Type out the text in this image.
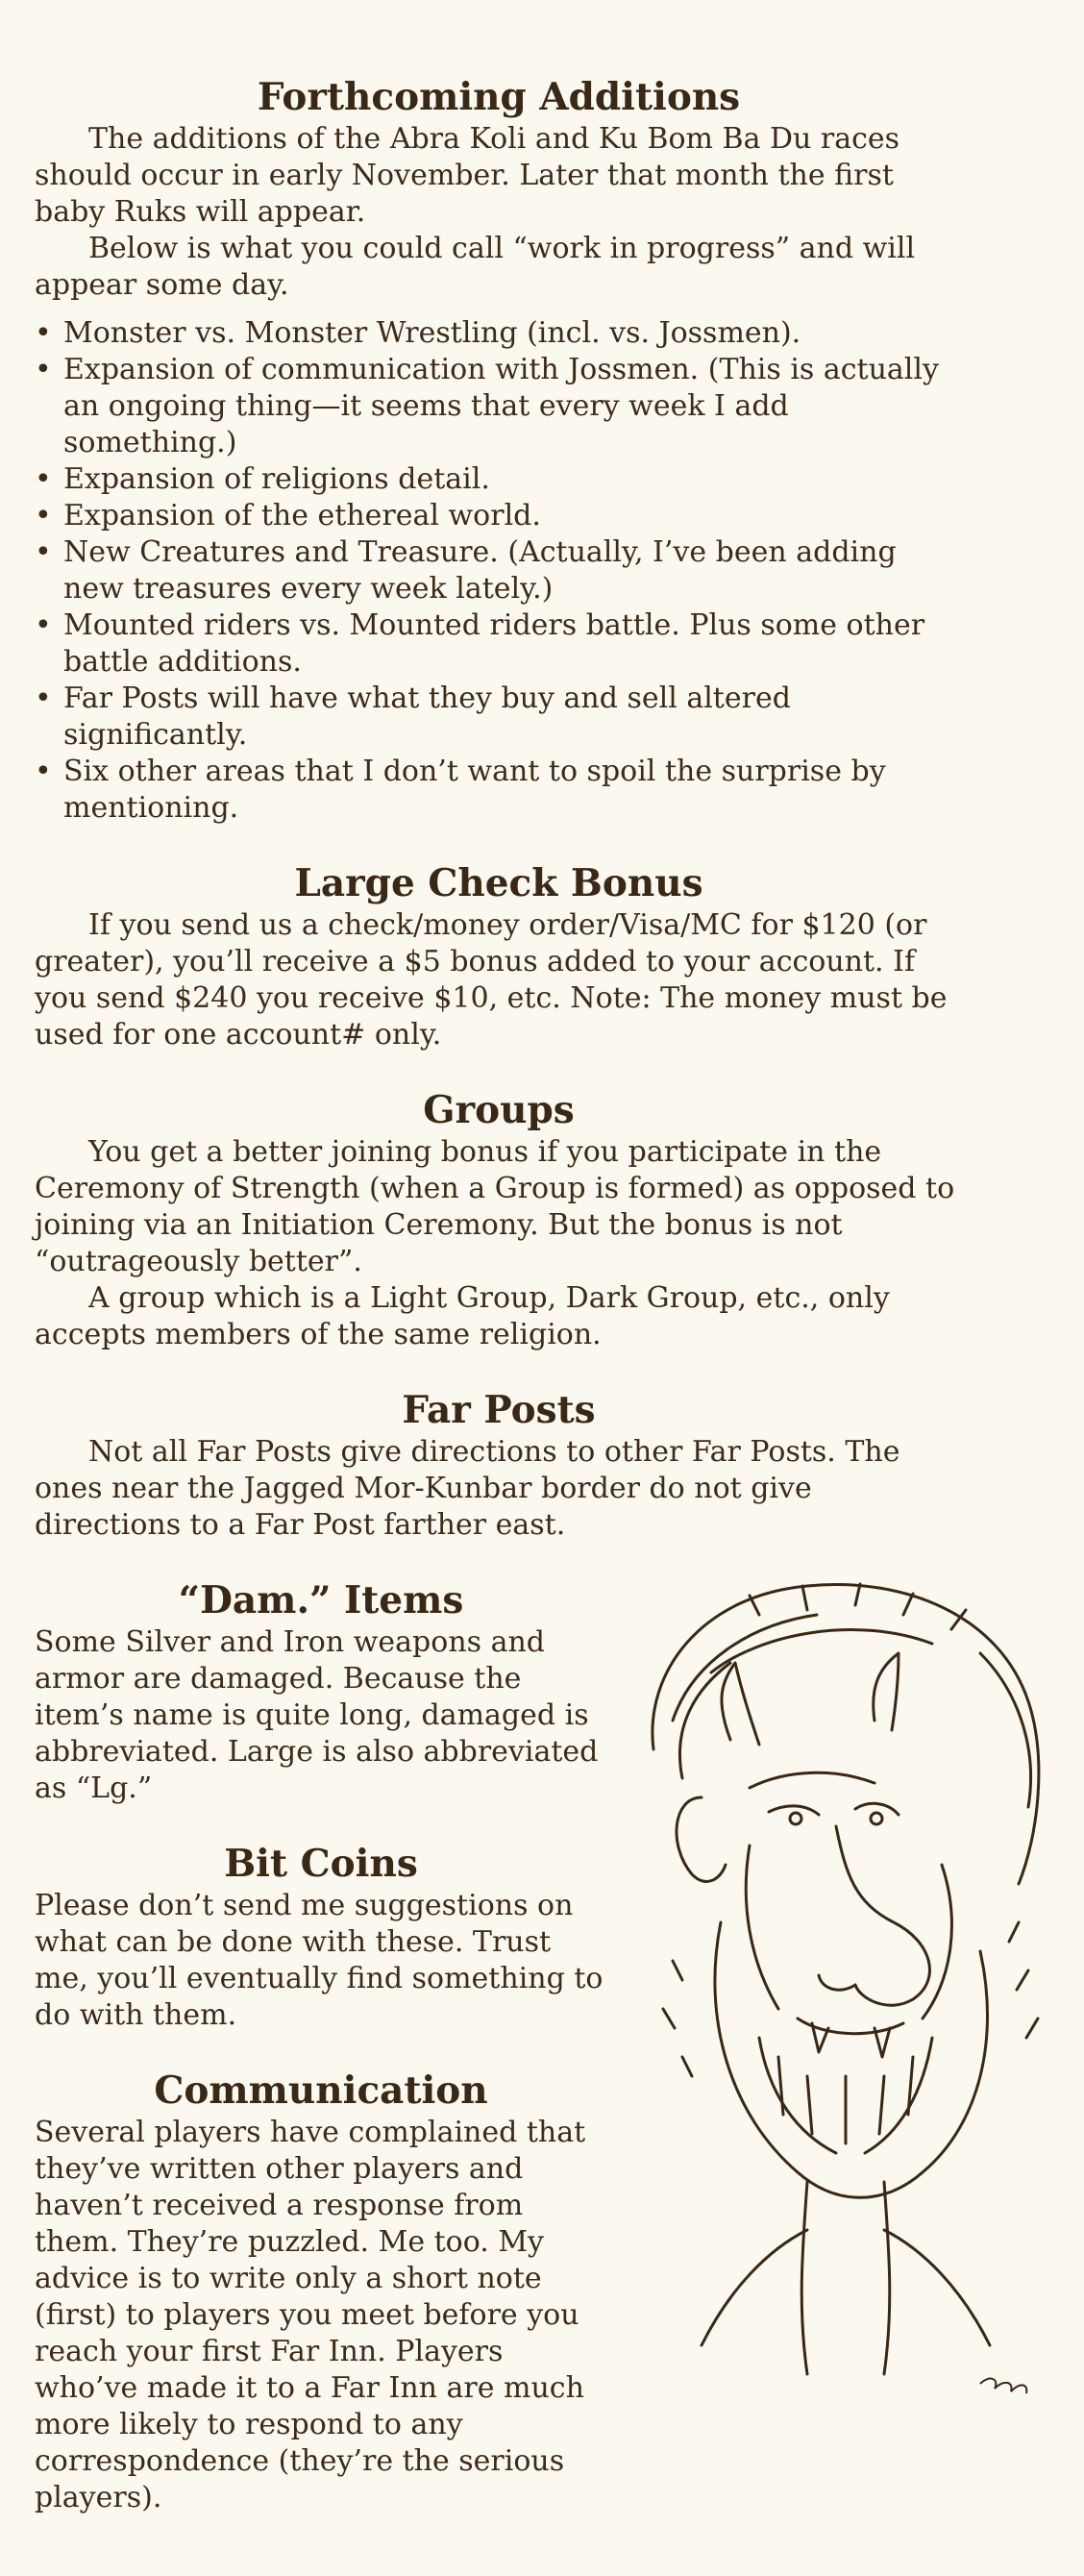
Forthcoming Additions

The additions of the Abra Koli and Ku Bom Ba Du races should occur in early November. Later that month the first baby Ruks will appear.

Below is what you could call “work in progress” and will appear some day.

• Monster vs. Monster Wrestling (incl. vs. Jossmen).
• Expansion of communication with Jossmen. (This is actually an ongoing thing—it seems that every week I add something.)
• Expansion of religions detail.
• Expansion of the ethereal world.
• New Creatures and Treasure. (Actually, I’ve been adding new treasures every week lately.)
• Mounted riders vs. Mounted riders battle. Plus some other battle additions.
• Far Posts will have what they buy and sell altered significantly.
• Six other areas that I don’t want to spoil the surprise by mentioning.
Large Check Bonus

If you send us a check/money order/Visa/MC for $120 (or greater), you’ll receive a $5 bonus added to your account. If you send $240 you receive $10, etc. Note: The money must be used for one account# only.

Groups

You get a better joining bonus if you participate in the Ceremony of Strength (when a Group is formed) as opposed to joining via an Initiation Ceremony. But the bonus is not “outrageously better”.

A group which is a Light Group, Dark Group, etc., only accepts members of the same religion.

Far Posts

Not all Far Posts give directions to other Far Posts. The ones near the Jagged Mor-Kunbar border do not give directions to a Far Post farther east.

“Dam.” Items

Some Silver and Iron weapons and armor are damaged. Because the item’s name is quite long, damaged is abbreviated. Large is also abbreviated as “Lg.”

Bit Coins

Please don’t send me suggestions on what can be done with these. Trust me, you’ll eventually find something to do with them.

Communication

Several players have complained that they’ve written other players and haven’t received a response from them. They’re puzzled. Me too. My advice is to write only a short note (first) to players you meet before you reach your first Far Inn. Players who’ve made it to a Far Inn are much more likely to respond to any correspondence (they’re the serious players).
